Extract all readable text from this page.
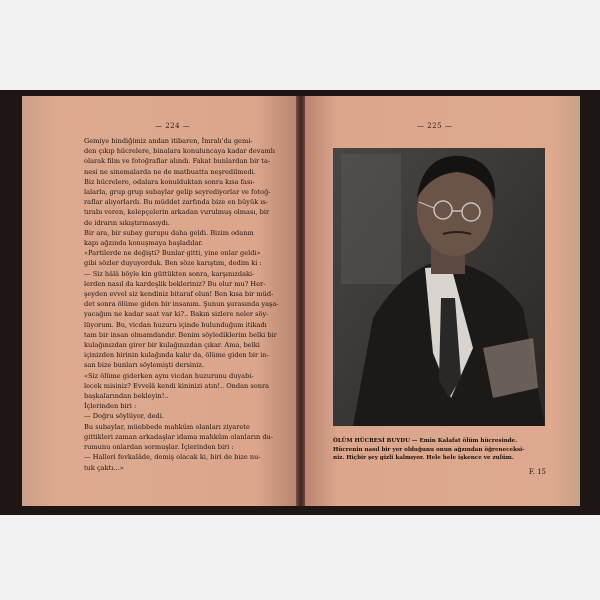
— 224 —

Gemiye bindiğimiz andan itibaren, İmralı'da gemi-

den çıkıp hücrelere, binalara konuluncaya kadar devamlı

olarak film ve fotoğraflar alındı. Fakat bunlardan bir ta-

nesi ne sinemalarda ne de matbuatta neşredilmedi.

Biz hücrelere, odalara konulduktan sonra kısa fası-

lalarla, grup grup subaylar gelip seyrediyorlar ve fotoğ-

raflar alıyorlardı. Bu müddet zarfında bize en büyük ıs-

tırabı veren, kelepçelerin arkadan vurulmuş olması, bir

de idrarın sıkıştırmasıydı.

Bir ara, bir subay gurupu daha geldi. Bizim odanın

kapı ağzında konuşmaya başladılar.

«Partilerde ne değişti? Bunlar gitti, yine onlar geldi»

gibi sözler duyuyorduk. Ben söze karıştım, dedim ki :

— Siz hâlâ böyle kin güttükten sonra, karşınızdaki-

lerden nasıl da kardeşlik bekleriniz? Bu olur mu? Her-

şeyden evvel siz kendiniz bitaraf olun! Ben kısa bir müd-

det sonra ölüme giden bir insanım. Şunun şurasında yaşa-

yacağım ne kadar saat var ki?.. Bakın sizlere neler söy-

lüyorum. Bu, vicdan huzuru içinde bulunduğum itikadı

tam bir insan olmamdandır. Benim söylediklerim belki bir

kulağınızdan girer bir kulağınızdan çıkar. Ama, belki

içinizden birinin kulağında kalır da, ölüme giden bir in-

san bize bunları söylemişti dersiniz.

«Siz ölüme giderken aynı vicdan huzurunu duyabi-

lecek misiniz? Evvelâ kendi kininizi atın!.. Ondan sonra

başkalarından bekleyin!..

İçlerinden biri :

— Doğru söylüyor, dedi.

Bu subaylar, müebbede mahkûm olanları ziyarete

gittikleri zaman arkadaşlar idama mahkûm olanların du-

rumunu onlardan sormuşlar. İçlerinden biri :

— Halleri fevkalâde, demiş olacak ki, biri de bize nu-

tuk çaktı...»

— 225 —
ÖLÜM HÜCRESİ BUYDU — Emin Kalafat ölüm hücresinde.
Hücrenin nasıl bir yer olduğunu onun ağzından öğreneceksi-
niz. Hiçbir şey gizli kalmıyor. Hele hele işkence ve zulüm.
F. 15
